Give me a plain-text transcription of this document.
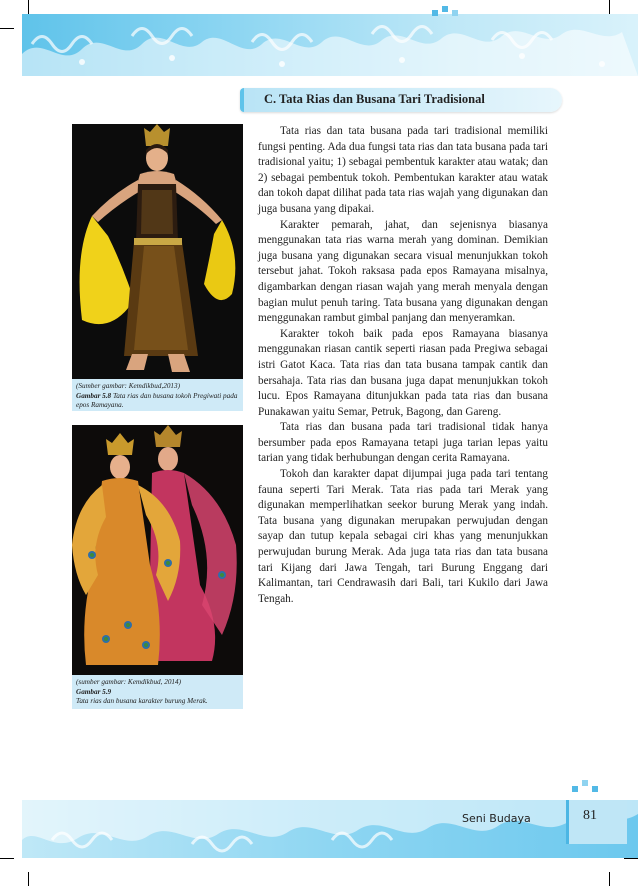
C. Tata Rias dan Busana Tari Tradisional
(Sumber gambar: Kemdikbud,2013)
Gambar 5.8 Tata rias dan busana tokoh Pregiwati pada epos Ramayana.
(sumber gambar: Kemdikbud, 2014)
Gambar 5.9
Tata rias dan busana karakter burung Merak.

Tata rias dan tata busana pada tari tradisional memiliki fungsi penting. Ada dua fungsi tata rias dan tata busana pada tari tradisional yaitu; 1) sebagai pembentuk karakter atau watak; dan 2) sebagai pembentuk tokoh. Pembentukan karakter atau watak dan tokoh dapat dilihat pada tata rias wajah yang digunakan dan juga busana yang dipakai.

Karakter pemarah, jahat, dan sejenisnya biasanya menggunakan tata rias warna merah yang dominan. Demikian juga busana yang digunakan secara visual menunjukkan tokoh tersebut jahat. Tokoh raksasa pada epos Ramayana misalnya, digambarkan dengan riasan wajah yang merah menyala dengan bagian mulut penuh taring. Tata busana yang digunakan dengan menggunakan rambut gimbal panjang dan menyeramkan.

Karakter tokoh baik pada epos Ramayana biasanya menggunakan riasan cantik seperti riasan pada Pregiwa sebagai istri Gatot Kaca. Tata rias dan tata busana tampak cantik dan bersahaja. Tata rias dan busana juga dapat menunjukkan tokoh lucu. Epos Ramayana ditunjukkan pada tata rias dan busana Punakawan yaitu Semar, Petruk, Bagong, dan Gareng.

Tata rias dan busana pada tari tradisional tidak hanya bersumber pada epos Ramayana tetapi juga tarian lepas yaitu tarian yang tidak berhubungan dengan cerita Ramayana.

Tokoh dan karakter dapat dijumpai juga pada tari tentang fauna seperti Tari Merak. Tata rias pada tari Merak yang digunakan memperlihatkan seekor burung Merak yang indah. Tata busana yang digunakan merupakan perwujudan dengan sayap dan tutup kepala sebagai ciri khas yang menunjukkan perwujudan burung Merak. Ada juga tata rias dan tata busana tari Kijang dari Jawa Tengah, tari Burung Enggang dari Kalimantan, tari Cendrawasih dari Bali, tari Kukilo dari Jawa Tengah.

Seni Budaya	81
